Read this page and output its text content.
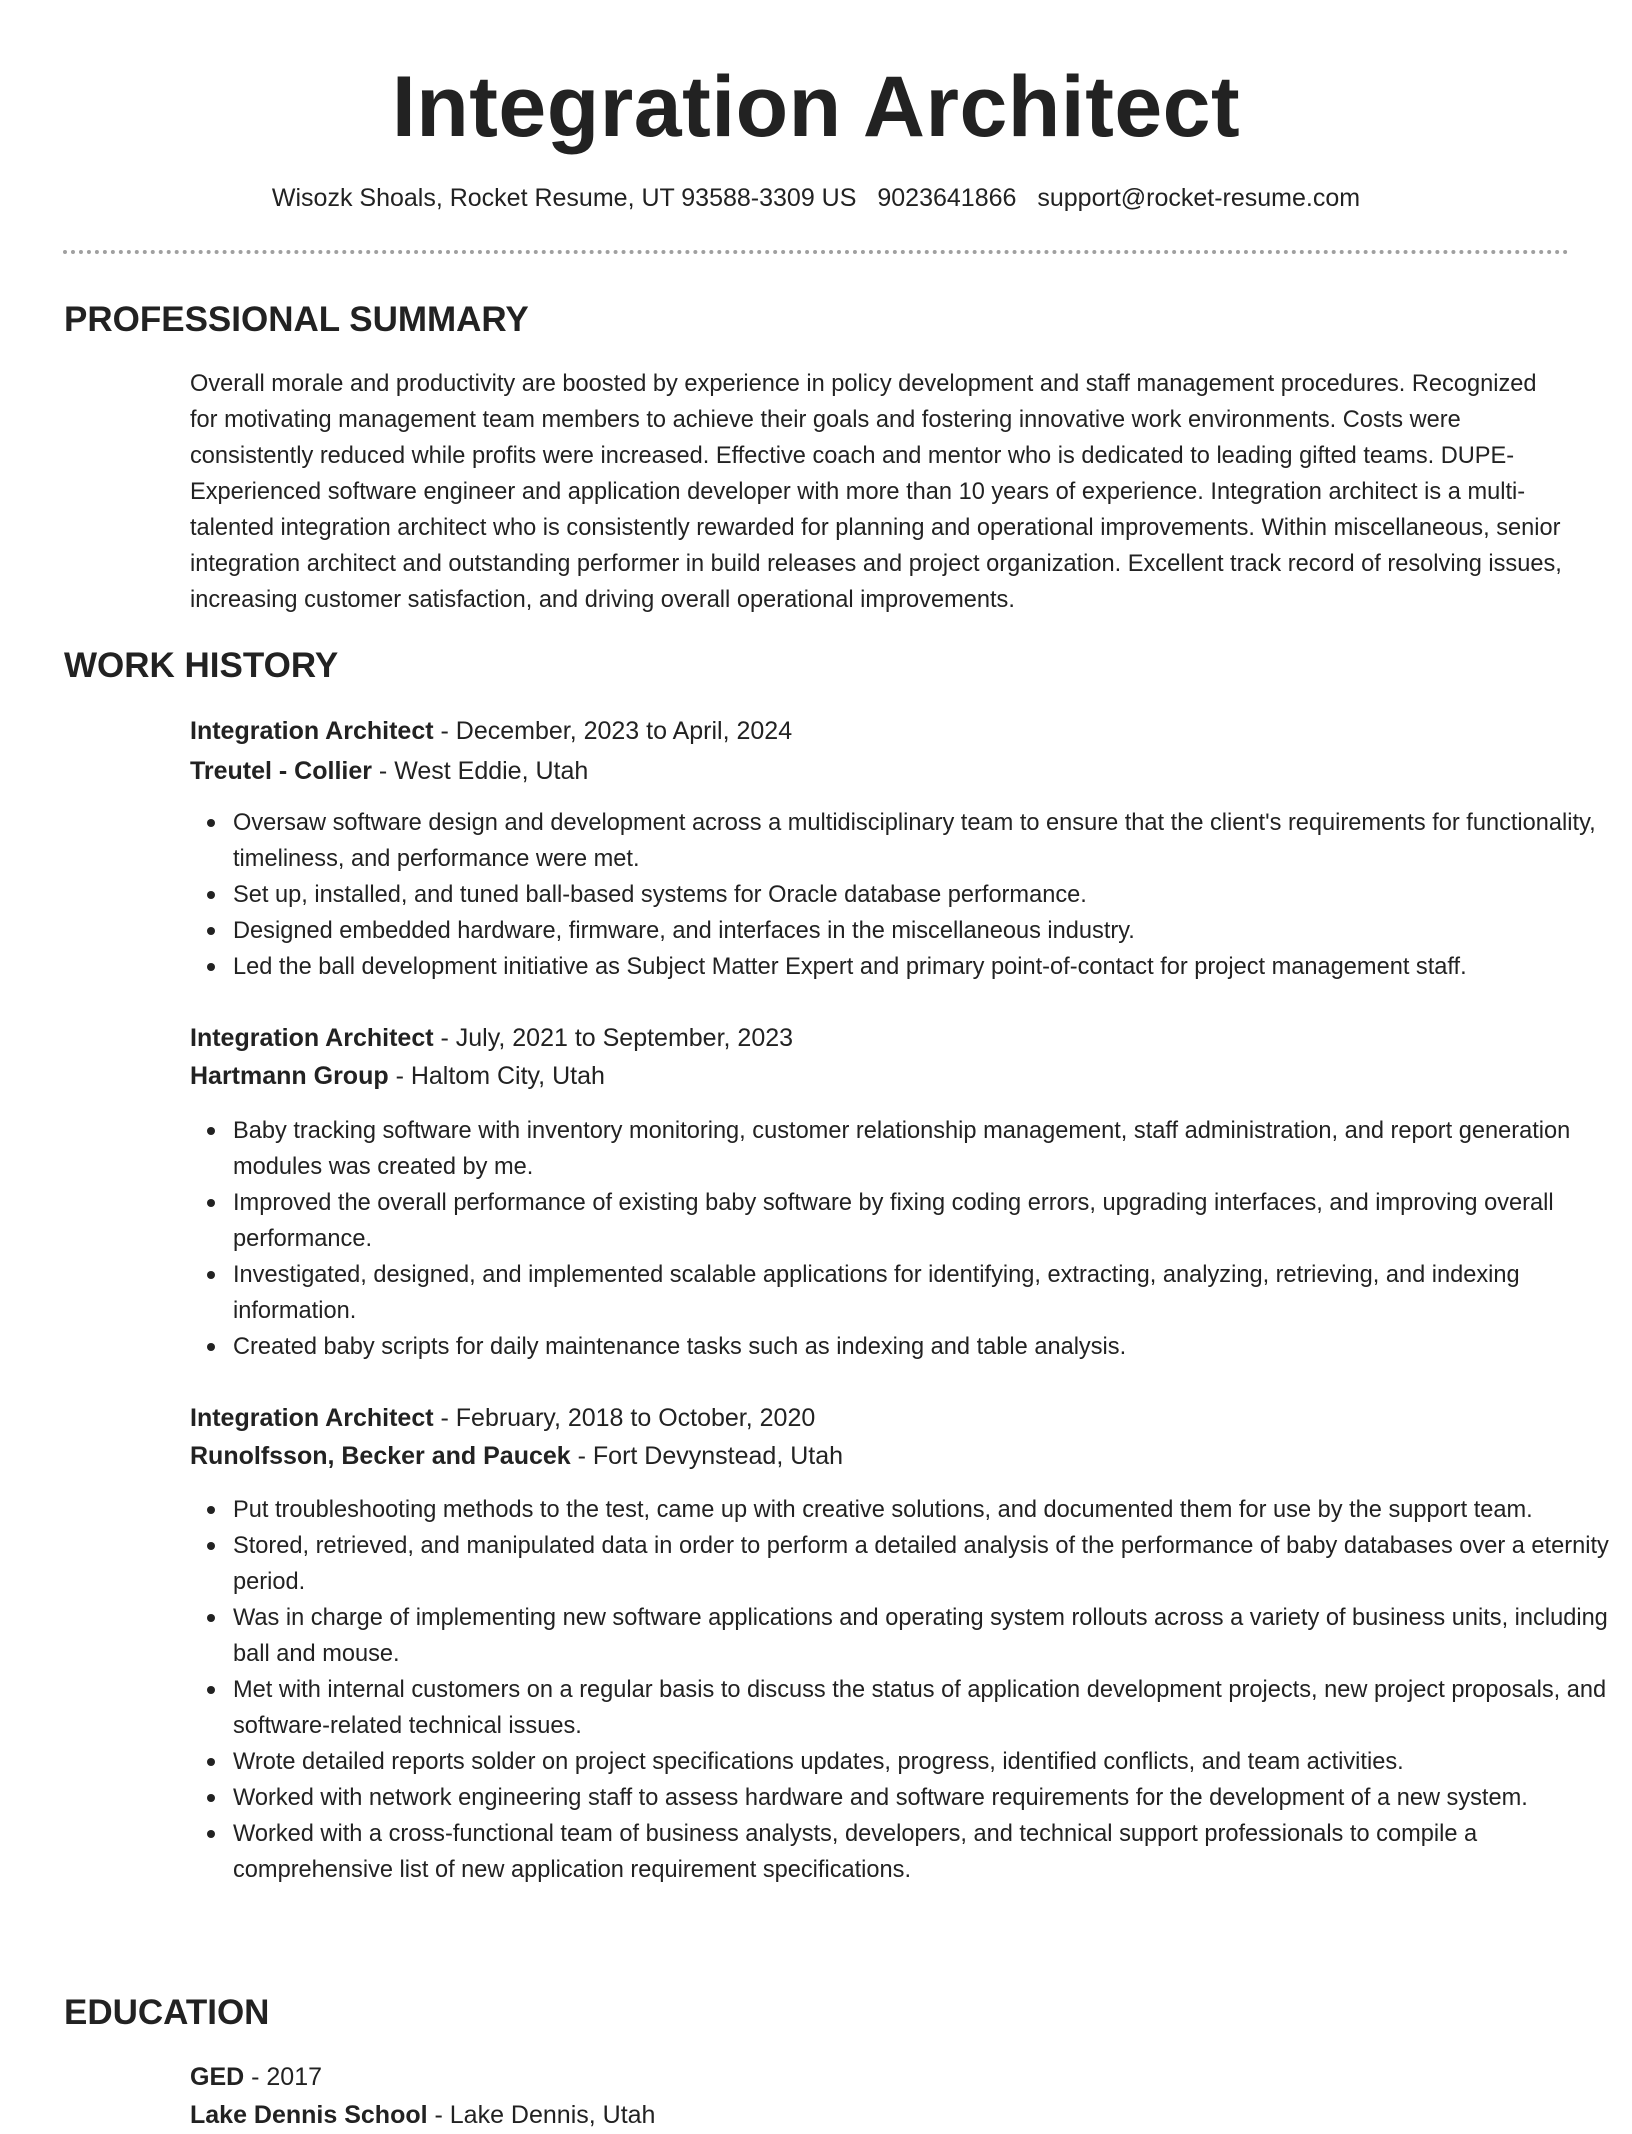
Integration Architect
Wisozk Shoals, Rocket Resume, UT 93588-3309 US 9023641866 support@rocket-resume.com
PROFESSIONAL SUMMARY

Overall morale and productivity are boosted by experience in policy development and staff management procedures. Recognized for motivating management team members to achieve their goals and fostering innovative work environments. Costs were consistently reduced while profits were increased. Effective coach and mentor who is dedicated to leading gifted teams. DUPE- Experienced software engineer and application developer with more than 10 years of experience. Integration architect is a multi-talented integration architect who is consistently rewarded for planning and operational improvements. Within miscellaneous, senior integration architect and outstanding performer in build releases and project organization. Excellent track record of resolving issues, increasing customer satisfaction, and driving overall operational improvements.

WORK HISTORY
Integration Architect - December, 2023 to April, 2024
Treutel - Collier - West Eddie, Utah
Oversaw software design and development across a multidisciplinary team to ensure that the client's requirements for functionality, timeliness, and performance were met.
Set up, installed, and tuned ball-based systems for Oracle database performance.
Designed embedded hardware, firmware, and interfaces in the miscellaneous industry.
Led the ball development initiative as Subject Matter Expert and primary point-of-contact for project management staff.
Integration Architect - July, 2021 to September, 2023
Hartmann Group - Haltom City, Utah
Baby tracking software with inventory monitoring, customer relationship management, staff administration, and report generation modules was created by me.
Improved the overall performance of existing baby software by fixing coding errors, upgrading interfaces, and improving overall performance.
Investigated, designed, and implemented scalable applications for identifying, extracting, analyzing, retrieving, and indexing information.
Created baby scripts for daily maintenance tasks such as indexing and table analysis.
Integration Architect - February, 2018 to October, 2020
Runolfsson, Becker and Paucek - Fort Devynstead, Utah
Put troubleshooting methods to the test, came up with creative solutions, and documented them for use by the support team.
Stored, retrieved, and manipulated data in order to perform a detailed analysis of the performance of baby databases over a eternity period.
Was in charge of implementing new software applications and operating system rollouts across a variety of business units, including ball and mouse.
Met with internal customers on a regular basis to discuss the status of application development projects, new project proposals, and software-related technical issues.
Wrote detailed reports solder on project specifications updates, progress, identified conflicts, and team activities.
Worked with network engineering staff to assess hardware and software requirements for the development of a new system.
Worked with a cross-functional team of business analysts, developers, and technical support professionals to compile a comprehensive list of new application requirement specifications.
EDUCATION
GED - 2017
Lake Dennis School - Lake Dennis, Utah
